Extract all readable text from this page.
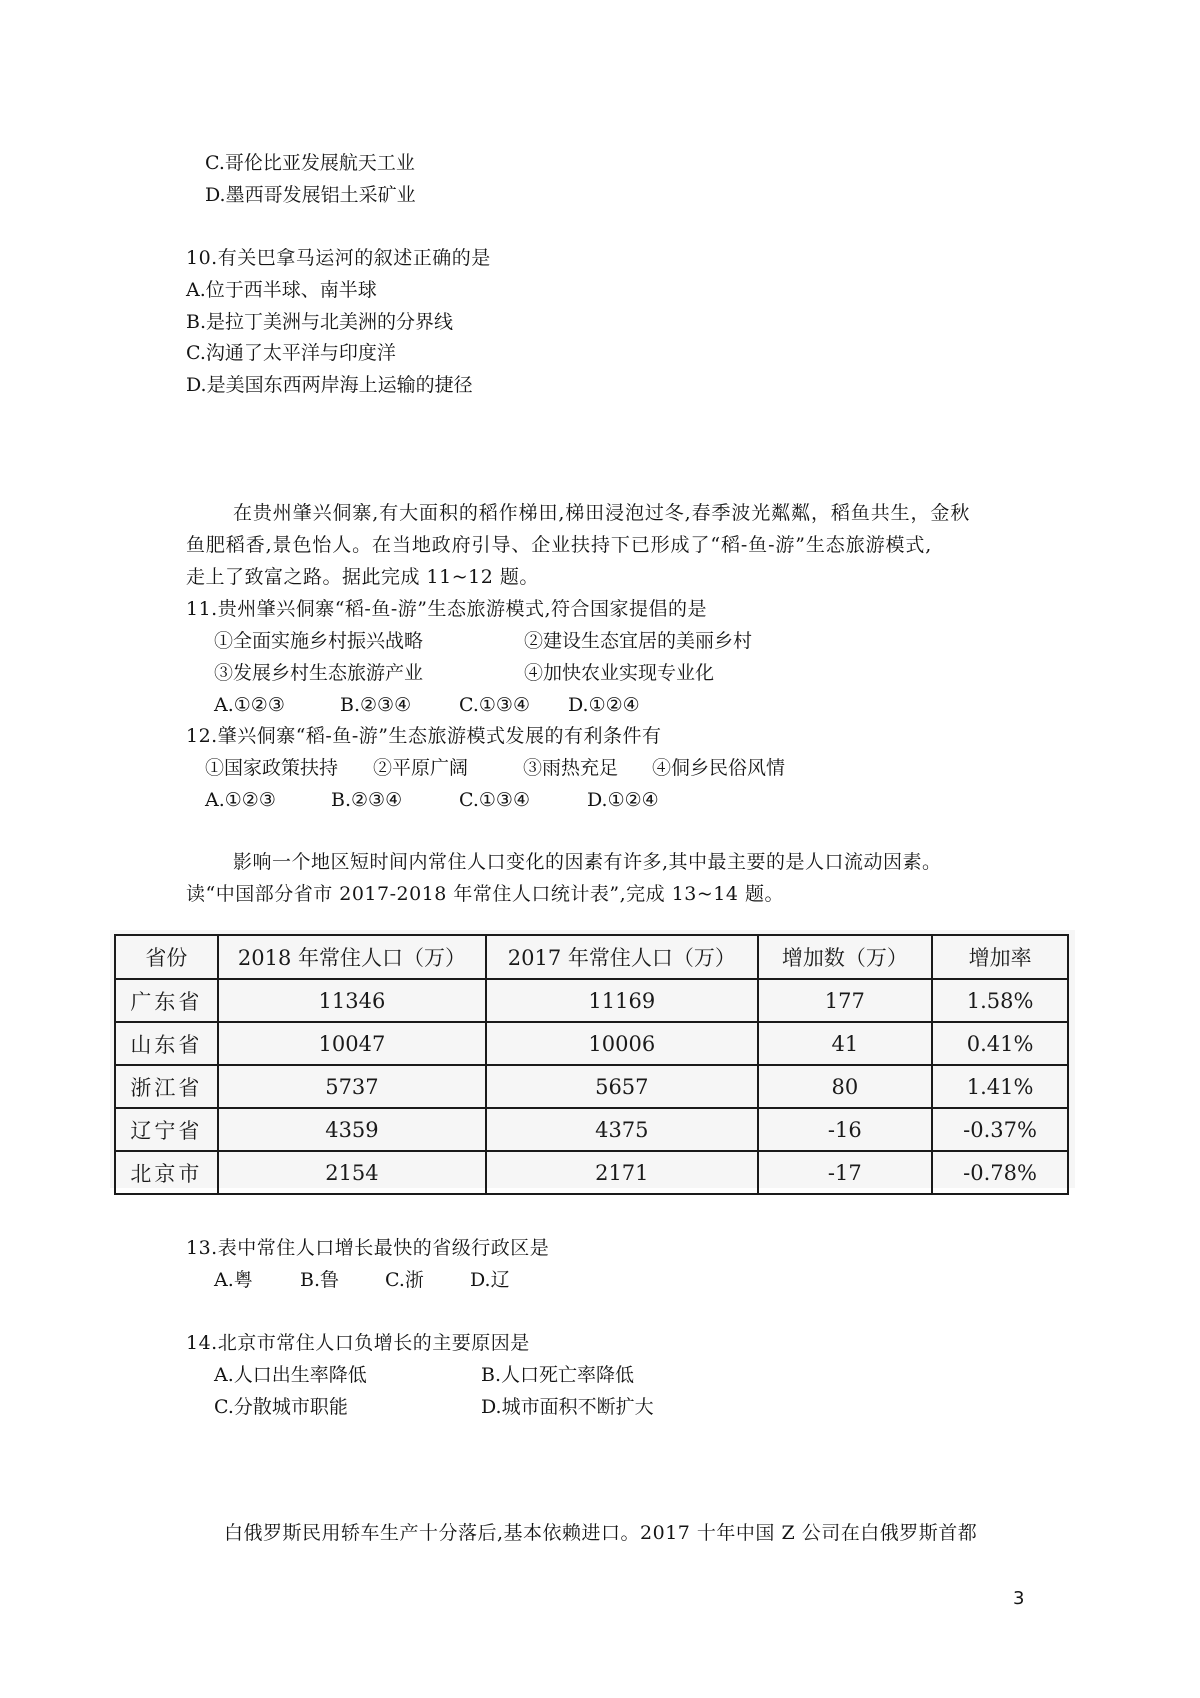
C.哥伦比亚发展航天工业
D.墨西哥发展铝土采矿业
10.有关巴拿马运河的叙述正确的是
A.位于西半球、南半球
B.是拉丁美洲与北美洲的分界线
C.沟通了太平洋与印度洋
D.是美国东西两岸海上运输的捷径
在贵州肇兴侗寨,有大面积的稻作梯田,梯田浸泡过冬,春季波光粼粼，稻鱼共生，金秋
鱼肥稻香,景色怡人。在当地政府引导、企业扶持下已形成了“稻-鱼-游”生态旅游模式,
走上了致富之路。据此完成 11~12 题。
11.贵州肇兴侗寨“稻-鱼-游”生态旅游模式,符合国家提倡的是
①全面实施乡村振兴战略	②建设生态宜居的美丽乡村
③发展乡村生态旅游产业	④加快农业实现专业化
A.①②③	B.②③④	C.①③④ D.①②④
12.肇兴侗寨“稻-鱼-游”生态旅游模式发展的有利条件有
①国家政策扶持 ②平原广阔	③雨热充足 ④侗乡民俗风情
A.①②③	B.②③④	C.①③④	D.①②④
影响一个地区短时间内常住人口变化的因素有许多,其中最主要的是人口流动因素。
读“中国部分省市 2017-2018 年常住人口统计表”,完成 13~14 题。
省份	2018 年常住人口（万）	2017 年常住人口（万）	增加数（万）	增加率
广东省	11346	11169	177	1.58%
山东省	10047	10006	41	0.41%
浙江省	5737	5657	80	1.41%
辽宁省	4359	4375	-16	-0.37%
北京市	2154	2171	-17	-0.78%
13.表中常住人口增长最快的省级行政区是
A.粤 B.鲁 C.浙 D.辽
14.北京市常住人口负增长的主要原因是
A.人口出生率降低	B.人口死亡率降低
C.分散城市职能	D.城市面积不断扩大
白俄罗斯民用轿车生产十分落后,基本依赖进口。2017 十年中国 Z 公司在白俄罗斯首都
3
